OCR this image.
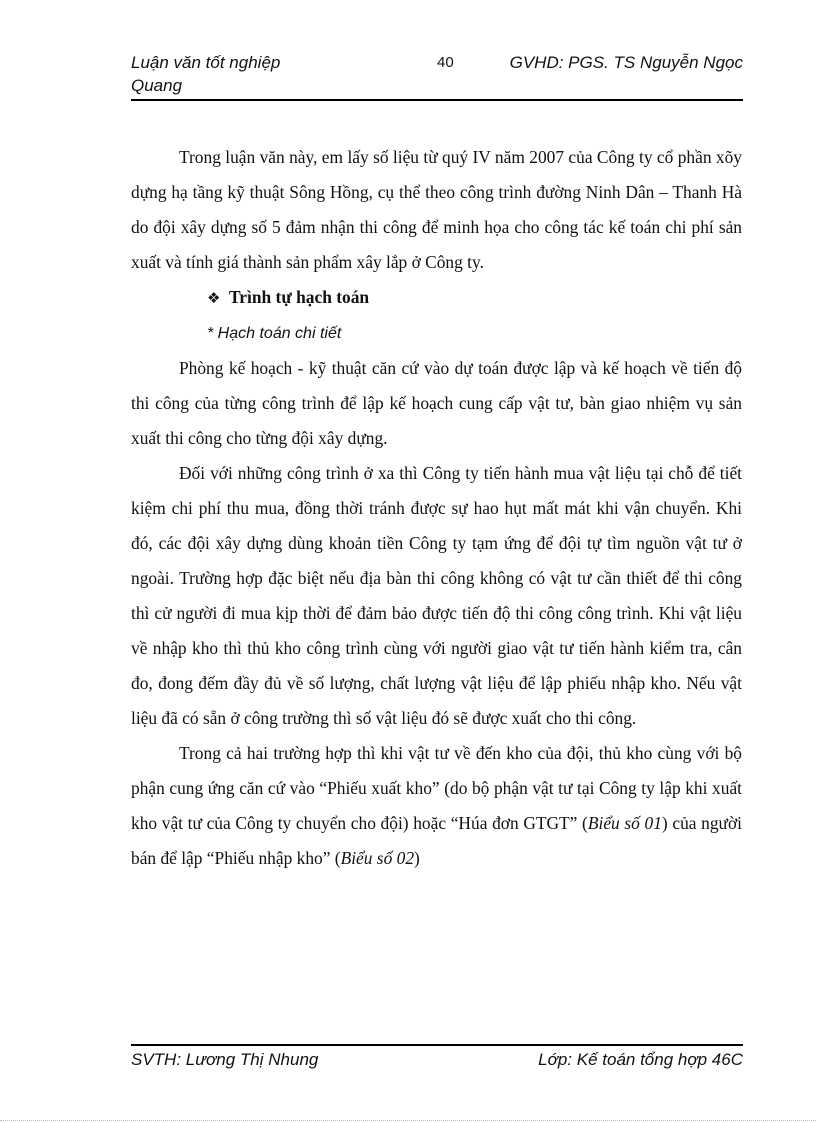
Luận văn tốt nghiệp
Quang
40	GVHD: PGS. TS Nguyễn Ngọc

Trong luận văn này, em lấy số liệu từ quý IV năm 2007 của Công ty cổ phần xõy dựng hạ tầng kỹ thuật Sông Hồng, cụ thể theo công trình đường Ninh Dân – Thanh Hà do đội xây dựng số 5 đảm nhận thi công để minh họa cho công tác kế toán chi phí sản xuất và tính giá thành sản phẩm xây lắp ở Công ty.

❖ Trình tự hạch toán

* Hạch toán chi tiết

Phòng kế hoạch - kỹ thuật căn cứ vào dự toán được lập và kế hoạch về tiến độ thi công của từng công trình để lập kế hoạch cung cấp vật tư, bàn giao nhiệm vụ sản xuất thi công cho từng đội xây dựng.

Đối với những công trình ở xa thì Công ty tiến hành mua vật liệu tại chỗ để tiết kiệm chi phí thu mua, đồng thời tránh được sự hao hụt mất mát khi vận chuyển. Khi đó, các đội xây dựng dùng khoản tiền Công ty tạm ứng để đội tự tìm nguồn vật tư ở ngoài. Trường hợp đặc biệt nếu địa bàn thi công không có vật tư cần thiết để thi công thì cử người đi mua kịp thời để đảm bảo được tiến độ thi công công trình. Khi vật liệu về nhập kho thì thủ kho công trình cùng với người giao vật tư tiến hành kiểm tra, cân đo, đong đếm đầy đủ về số lượng, chất lượng vật liệu để lập phiếu nhập kho. Nếu vật liệu đã có sẵn ở công trường thì số vật liệu đó sẽ được xuất cho thi công.

Trong cả hai trường hợp thì khi vật tư về đến kho của đội, thủ kho cùng với bộ phận cung ứng căn cứ vào “Phiếu xuất kho” (do bộ phận vật tư tại Công ty lập khi xuất kho vật tư của Công ty chuyển cho đội) hoặc “Húa đơn GTGT” (Biểu số 01) của người bán để lập “Phiếu nhập kho” (Biểu số 02)

SVTH: Lương Thị Nhung	Lớp: Kế toán tổng hợp 46C
